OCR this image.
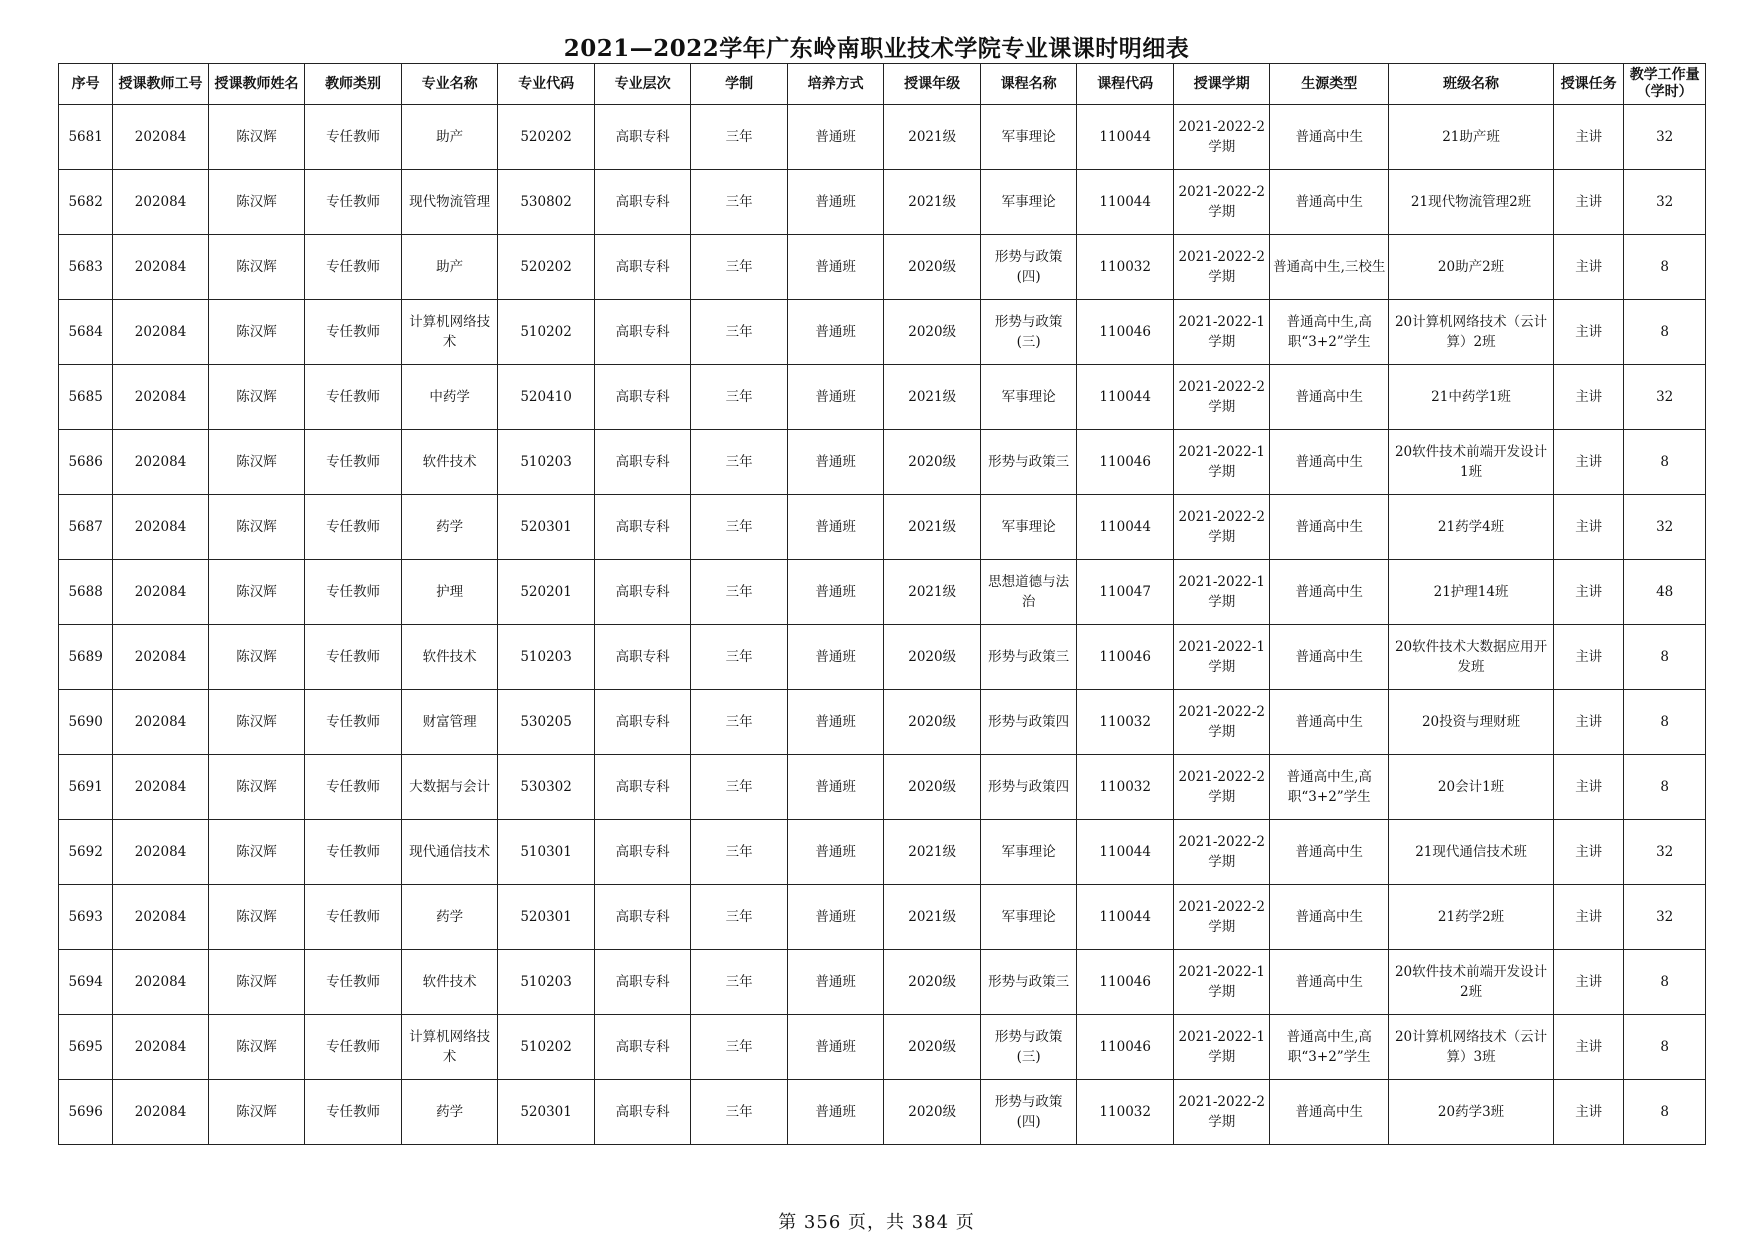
2021—2022学年广东岭南职业技术学院专业课课时明细表
序号	授课教师工号	授课教师姓名	教师类别	专业名称	专业代码	专业层次	学制	培养方式	授课年级	课程名称	课程代码	授课学期	生源类型	班级名称	授课任务	教学工作量（学时）
5681	202084	陈汉辉	专任教师	助产	520202	高职专科	三年	普通班	2021级	军事理论	110044	2021-2022-2学期	普通高中生	21助产班	主讲	32
5682	202084	陈汉辉	专任教师	现代物流管理	530802	高职专科	三年	普通班	2021级	军事理论	110044	2021-2022-2学期	普通高中生	21现代物流管理2班	主讲	32
5683	202084	陈汉辉	专任教师	助产	520202	高职专科	三年	普通班	2020级	形势与政策(四)	110032	2021-2022-2学期	普通高中生,三校生	20助产2班	主讲	8
5684	202084	陈汉辉	专任教师	计算机网络技术	510202	高职专科	三年	普通班	2020级	形势与政策(三)	110046	2021-2022-1学期	普通高中生,高职“3+2”学生	20计算机网络技术（云计算）2班	主讲	8
5685	202084	陈汉辉	专任教师	中药学	520410	高职专科	三年	普通班	2021级	军事理论	110044	2021-2022-2学期	普通高中生	21中药学1班	主讲	32
5686	202084	陈汉辉	专任教师	软件技术	510203	高职专科	三年	普通班	2020级	形势与政策三	110046	2021-2022-1学期	普通高中生	20软件技术前端开发设计1班	主讲	8
5687	202084	陈汉辉	专任教师	药学	520301	高职专科	三年	普通班	2021级	军事理论	110044	2021-2022-2学期	普通高中生	21药学4班	主讲	32
5688	202084	陈汉辉	专任教师	护理	520201	高职专科	三年	普通班	2021级	思想道德与法治	110047	2021-2022-1学期	普通高中生	21护理14班	主讲	48
5689	202084	陈汉辉	专任教师	软件技术	510203	高职专科	三年	普通班	2020级	形势与政策三	110046	2021-2022-1学期	普通高中生	20软件技术大数据应用开发班	主讲	8
5690	202084	陈汉辉	专任教师	财富管理	530205	高职专科	三年	普通班	2020级	形势与政策四	110032	2021-2022-2学期	普通高中生	20投资与理财班	主讲	8
5691	202084	陈汉辉	专任教师	大数据与会计	530302	高职专科	三年	普通班	2020级	形势与政策四	110032	2021-2022-2学期	普通高中生,高职“3+2”学生	20会计1班	主讲	8
5692	202084	陈汉辉	专任教师	现代通信技术	510301	高职专科	三年	普通班	2021级	军事理论	110044	2021-2022-2学期	普通高中生	21现代通信技术班	主讲	32
5693	202084	陈汉辉	专任教师	药学	520301	高职专科	三年	普通班	2021级	军事理论	110044	2021-2022-2学期	普通高中生	21药学2班	主讲	32
5694	202084	陈汉辉	专任教师	软件技术	510203	高职专科	三年	普通班	2020级	形势与政策三	110046	2021-2022-1学期	普通高中生	20软件技术前端开发设计2班	主讲	8
5695	202084	陈汉辉	专任教师	计算机网络技术	510202	高职专科	三年	普通班	2020级	形势与政策(三)	110046	2021-2022-1学期	普通高中生,高职“3+2”学生	20计算机网络技术（云计算）3班	主讲	8
5696	202084	陈汉辉	专任教师	药学	520301	高职专科	三年	普通班	2020级	形势与政策(四)	110032	2021-2022-2学期	普通高中生	20药学3班	主讲	8
第 356 页，共 384 页
